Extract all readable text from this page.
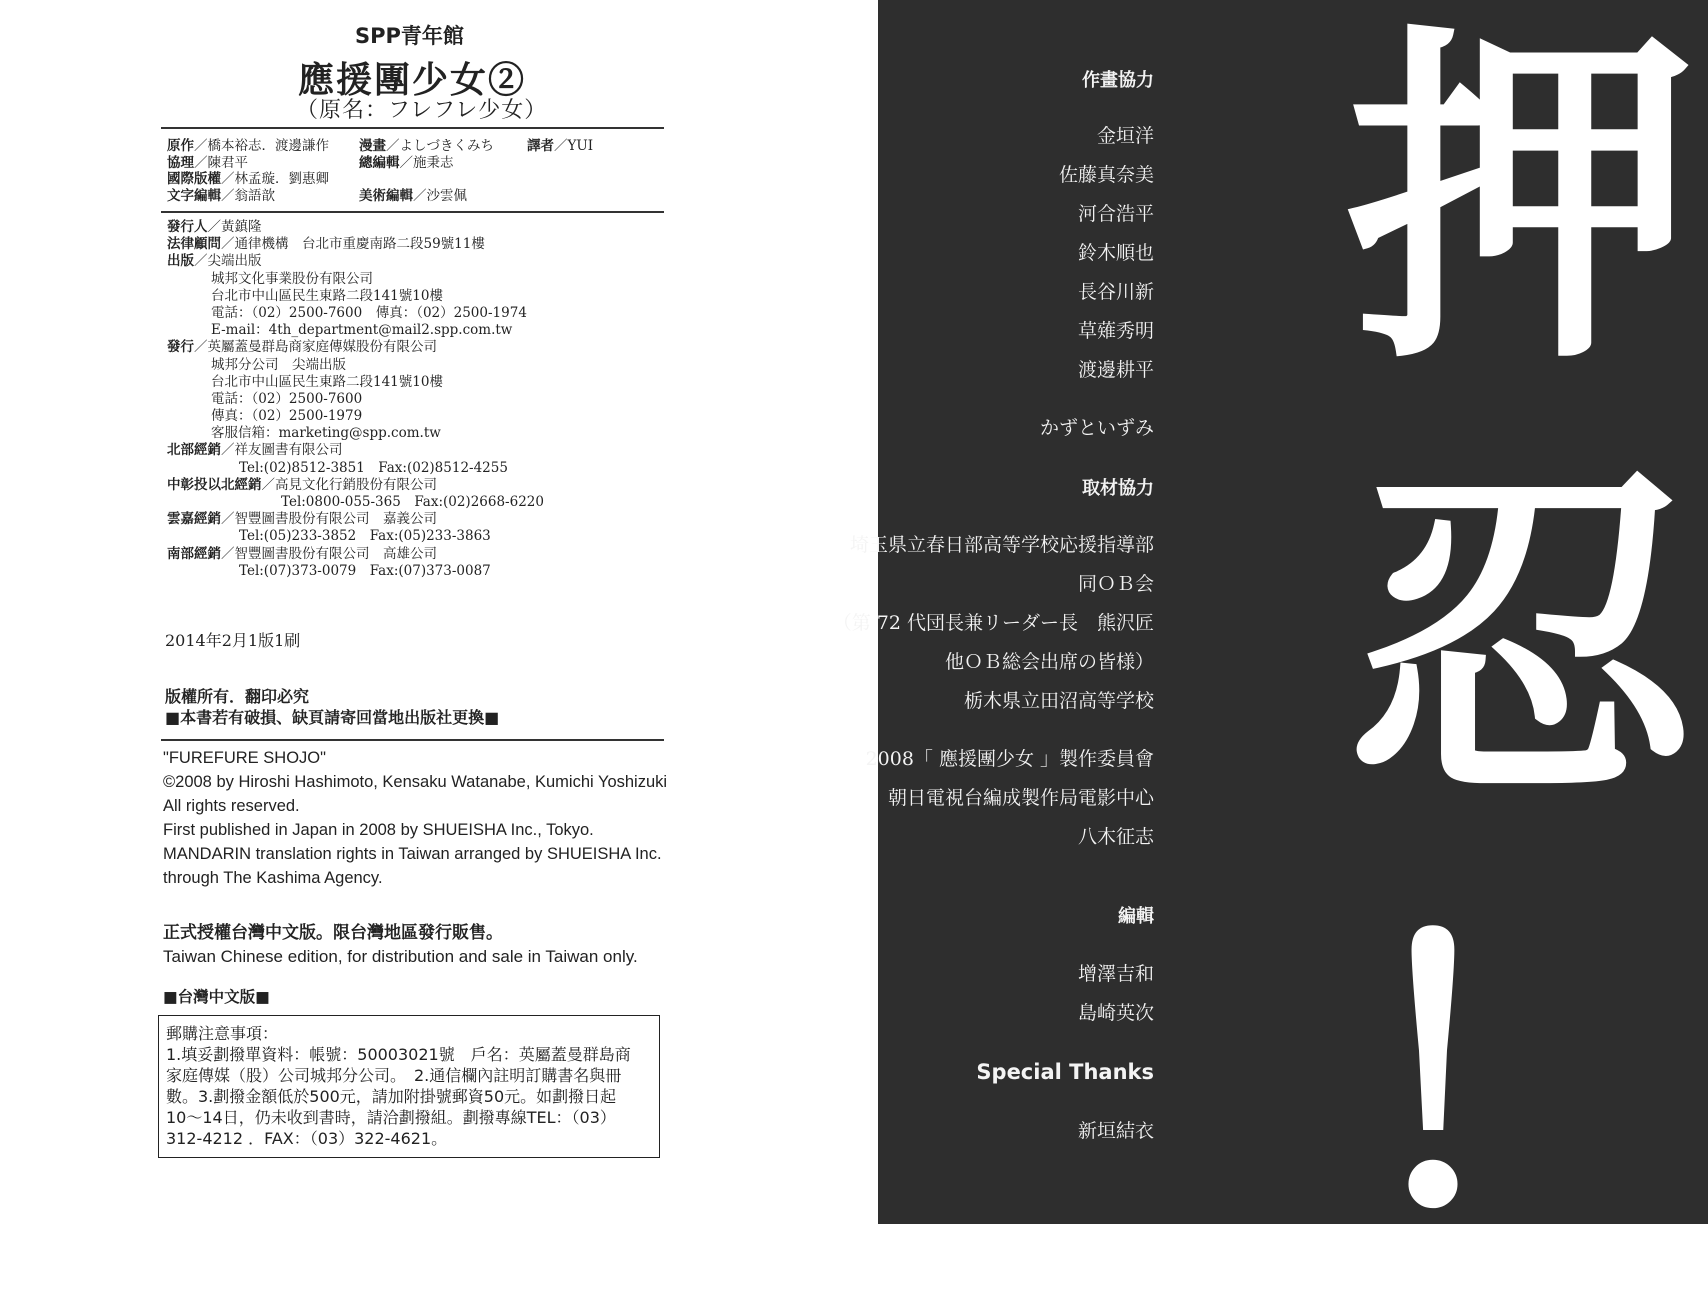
SPP青年館
應援團少女②
（原名：フレフレ少女）
原作／橋本裕志．渡邊謙作 漫畫／よしづきくみち 譯者／YUI
協理／陳君平	總編輯／施秉志
國際版權／林孟璇．劉惠卿
文字編輯／翁語歆	美術編輯／沙雲佩
發行人／黃鎮隆
法律顧問／通律機構　台北市重慶南路二段59號11樓
出版／尖端出版
城邦文化事業股份有限公司
台北市中山區民生東路二段141號10樓
電話：（02）2500-7600　傳真：（02）2500-1974
E-mail：4th_department@mail2.spp.com.tw
發行／英屬蓋曼群島商家庭傳媒股份有限公司
城邦分公司　尖端出版
台北市中山區民生東路二段141號10樓
電話：（02）2500-7600
傳真：（02）2500-1979
客服信箱：marketing@spp.com.tw
北部經銷／祥友圖書有限公司
Tel:(02)8512-3851　Fax:(02)8512-4255
中彰投以北經銷／高見文化行銷股份有限公司
Tel:0800-055-365　Fax:(02)2668-6220
雲嘉經銷／智豐圖書股份有限公司　嘉義公司
Tel:(05)233-3852　Fax:(05)233-3863
南部經銷／智豐圖書股份有限公司　高雄公司
Tel:(07)373-0079　Fax:(07)373-0087
2014年2月1版1刷
版權所有．翻印必究
■本書若有破損、缺頁請寄回當地出版社更換■
"FUREFURE SHOJO"
©2008 by Hiroshi Hashimoto, Kensaku Watanabe, Kumichi Yoshizuki
All rights reserved.
First published in Japan in 2008 by SHUEISHA Inc., Tokyo.
MANDARIN translation rights in Taiwan arranged by SHUEISHA Inc.
through The Kashima Agency.
正式授權台灣中文版。限台灣地區發行販售。
Taiwan Chinese edition, for distribution and sale in Taiwan only.
■台灣中文版■
郵購注意事項：
1.填妥劃撥單資料：帳號：50003021號　戶名：英屬蓋曼群島商
家庭傳媒（股）公司城邦分公司。　2.通信欄內註明訂購書名與冊
數。3.劃撥金額低於500元，請加附掛號郵資50元。如劃撥日起
10～14日，仍未收到書時，請洽劃撥組。劃撥專線TEL：（03）
312-4212 ．FAX：（03）322-4621。
押
忍
！
作畫協力
金垣洋
佐藤真奈美
河合浩平
鈴木順也
長谷川新
草薙秀明
渡邊耕平
かずといずみ
取材協力
埼玉県立春日部高等学校応援指導部
同ＯＢ会
（第 72 代団長兼リーダー長　熊沢匠
他ＯＢ総会出席の皆様）
栃木県立田沼高等学校
2008「 應援團少女 」製作委員會
朝日電視台編成製作局電影中心
八木征志
編輯
增澤吉和
島崎英次
Special Thanks
新垣結衣
